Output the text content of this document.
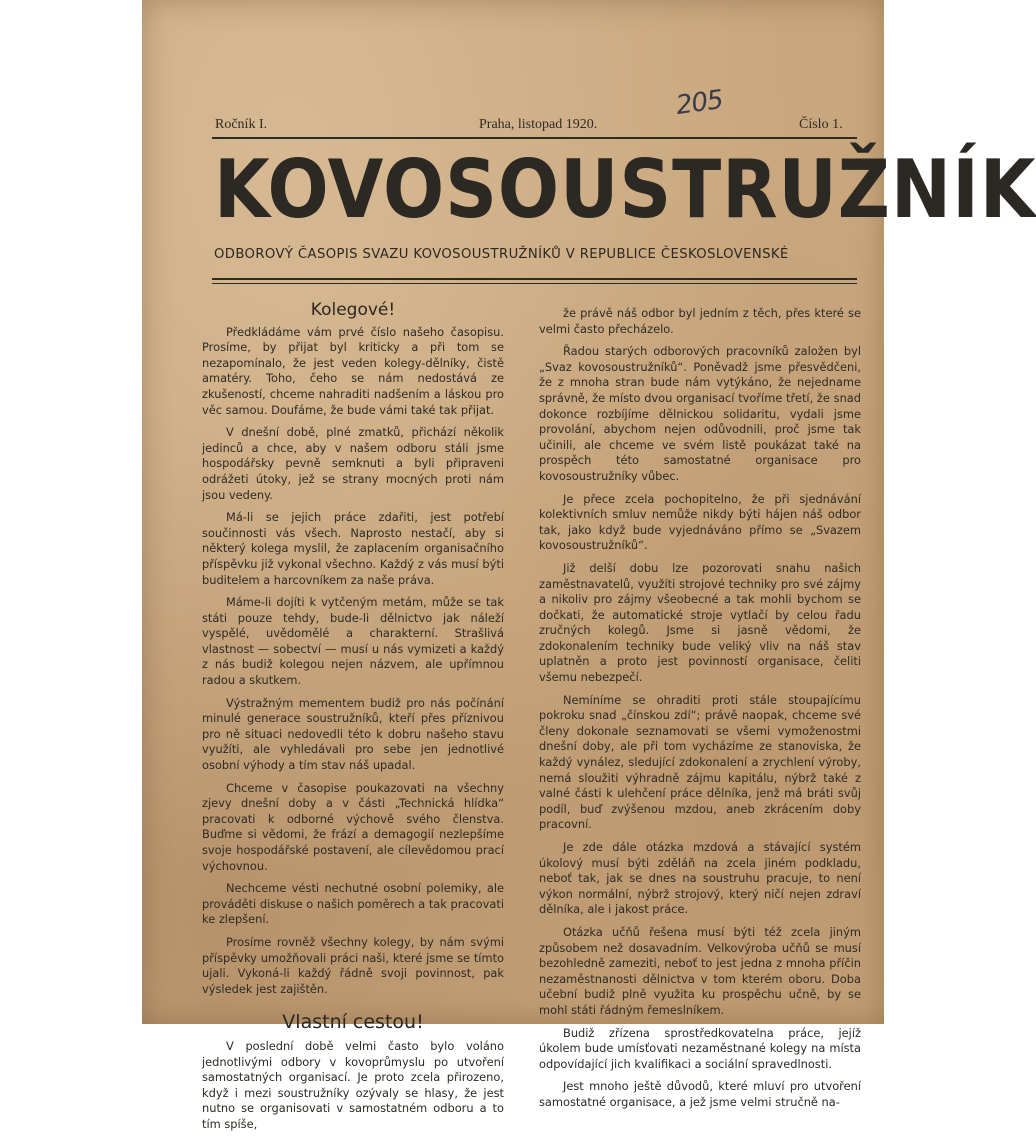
205
Ročník I.	Praha, listopad 1920.	Číslo 1.
KOVOSOUSTRUŽNÍK
ODBOROVÝ ČASOPIS SVAZU KOVOSOUSTRUŽNÍKŮ V REPUBLICE ČESKOSLOVENSKÉ
Kolegové!

Předkládáme vám prvé číslo našeho časopisu. Prosíme, by přijat byl kriticky a při tom se nezapomínalo, že jest veden kolegy-dělníky, čistě amatéry. Toho, čeho se nám nedostává ze zkušeností, chceme nahraditi nadšením a láskou pro věc samou. Doufáme, že bude vámi také tak přijat.

V dnešní době, plné zmatků, přichází několik jedinců a chce, aby v našem odboru stáli jsme hospodářsky pevně semknuti a byli připraveni odrážeti útoky, jež se strany mocných proti nám jsou vedeny.

Má-li se jejich práce zdařiti, jest potřebí součinnosti vás všech. Naprosto nestačí, aby si některý kolega myslil, že zaplacením organisačního příspěvku již vykonal všechno. Každý z vás musí býti buditelem a harcovníkem za naše práva.

Máme-li dojíti k vytčeným metám, může se tak státi pouze tehdy, bude-li dělnictvo jak náleží vyspělé, uvědomělé a charakterní. Strašlivá vlastnost — sobectví — musí u nás vymizeti a každý z nás budiž kolegou nejen názvem, ale upřímnou radou a skutkem.

Výstražným mementem budiž pro nás počínání minulé generace soustružníků, kteří přes příznivou pro ně situaci nedovedli této k dobru našeho stavu využíti, ale vyhledávali pro sebe jen jednotlivé osobní výhody a tím stav náš upadal.

Chceme v časopise poukazovati na všechny zjevy dnešní doby a v části „Technická hlídka“ pracovati k odborné výchově svého členstva. Buďme si vědomi, že frází a demagogií nezlepšíme svoje hospodářské postavení, ale cílevědomou prací výchovnou.

Nechceme vésti nechutné osobní polemiky, ale prováděti diskuse o našich poměrech a tak pracovati ke zlepšení.

Prosíme rovněž všechny kolegy, by nám svými příspěvky umožňovali práci naši, které jsme se tímto ujali. Vykoná-li každý řádně svoji povinnost, pak výsledek jest zajištěn.

Vlastní cestou!

V poslední době velmi často bylo voláno jednotlivými odbory v kovoprůmyslu po utvoření samostatných organisací. Je proto zcela přirozeno, když i mezi soustružníky ozývaly se hlasy, že jest nutno se organisovati v samostatném odboru a to tím spíše,

že právě náš odbor byl jedním z těch, přes které se velmi často přecházelo.

Řadou starých odborových pracovníků založen byl „Svaz kovosoustružníků“. Poněvadž jsme přesvědčeni, že z mnoha stran bude nám vytýkáno, že nejedname správně, že místo dvou organisací tvoříme třetí, že snad dokonce rozbíjíme dělnickou solidaritu, vydali jsme provolání, abychom nejen odůvodnili, proč jsme tak učinili, ale chceme ve svém listě poukázat také na prospěch této samostatné organisace pro kovosoustružníky vůbec.

Je přece zcela pochopitelno, že při sjednávání kolektivních smluv nemůže nikdy býti hájen náš odbor tak, jako když bude vyjednáváno přímo se „Svazem kovosoustružníků“.

Již delší dobu lze pozorovati snahu našich zaměstnavatelů, využíti strojové techniky pro své zájmy a nikoliv pro zájmy všeobecné a tak mohli bychom se dočkati, že automatické stroje vytlačí by celou řadu zručných kolegů. Jsme si jasně vědomi, že zdokonalením techniky bude veliký vliv na náš stav uplatněn a proto jest povinností organisace, čeliti všemu nebezpečí.

Nemíníme se ohraditi proti stále stoupajícímu pokroku snad „čínskou zdí“; právě naopak, chceme své členy dokonale seznamovati se všemi vymoženostmi dnešní doby, ale při tom vycházíme ze stanoviska, že každý vynález, sledující zdokonalení a zrychlení výroby, nemá sloužiti výhradně zájmu kapitálu, nýbrž také z valné části k ulehčení práce dělníka, jenž má bráti svůj podíl, buď zvýšenou mzdou, aneb zkrácením doby pracovní.

Je zde dále otázka mzdová a stávající systém úkolový musí býti zděláň na zcela jiném podkladu, neboť tak, jak se dnes na soustruhu pracuje, to není výkon normální, nýbrž strojový, který ničí nejen zdraví dělníka, ale i jakost práce.

Otázka učňů řešena musí býti též zcela jiným způsobem než dosavadním. Velkovýroba učňů se musí bezohledně zameziti, neboť to jest jedna z mnoha příčin nezaměstnanosti dělnictva v tom kterém oboru. Doba učební budiž plně využita ku prospěchu učně, by se mohl státi řádným řemeslníkem.

Budiž zřízena sprostředkovatelna práce, jejíž úkolem bude umísťovati nezaměstnané kolegy na místa odpovídající jich kvalifikaci a sociální spravedlnosti.

Jest mnoho ještě důvodů, které mluví pro utvoření samostatné organisace, a jež jsme velmi stručně na-
